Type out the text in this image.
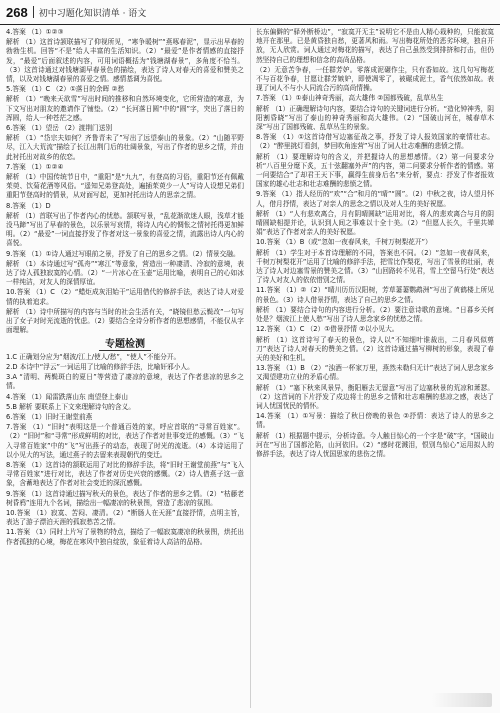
268 初中习题化知识清单 · 语文

4.答案 （1）①②③

解析 （1）这首诗颔联描写了仰视所见，“寒争暖树”“燕啄春泥”，显示出早春的勃勃生机。回答“不是”给人丰富的生活知识。（2）“最爱”是作者情感的直接抒发，“最爱”后面叙述的内容，可用词语概括为“钱塘湖春景”，多角度不恰当。（3）这首诗通过对钱塘湖早春景色的描绘，表达了诗人对春天的喜爱和赞美之情，以及对钱塘湖春景的喜爱之情。感情基调为喜悦。

5.答案 （1）C （2）①落日的余晖 ②愁

解析 （1）“晚来天欲雪”写出时间的推移和自然环境变化，它所营造的寒意，为下文写出对朋友的邀请作了铺垫。（2）“长河落日圆”中的“圆”字，突出了落日的浑圆，给人一种苍茫之感。

6.答案 （1）望岳 （2）渡荆门送别

解析 （1）“岱宗夫如何？齐鲁青未了”写出了远望泰山的景象。（2）“山随平野尽，江入大荒流”描绘了长江出荆门后的壮阔景象，写出了作者的思乡之情，并由此衬托出对故乡的依恋。

7.答案 （1）①②④

解析 （1）中国传统节日中，“重阳”是“九九”，有登高的习俗，重阳节还有佩戴茱萸、饮菊花酒等风俗。“遥知兄弟登高处，遍插茱萸少一人”写诗人设想兄弟们重阳节登高时的情景，从对面写起，更加衬托出诗人的思亲之情。

8.答案 （1）D

解析 （1）首联写出了作者内心的忧愁。颔联写景，“乱花渐欲迷人眼，浅草才能没马蹄”写出了早春的景色，以乐景写哀情，将诗人内心的惆怅之情衬托得更加鲜明。（2）“最爱”一词直接抒发了作者对这一景象的喜爱之情，流露出诗人内心的喜悦。

9.答案 （1）①诗人通过写眼前之景，抒发了自己的思乡之情。（2）情景交融。

解析 （1）本诗通过写“孤舟”“寒江”等意象，营造出一种凄清、冷寂的意境，表达了诗人孤独寂寞的心情。（2）“一片冰心在玉壶”运用比喻，表明自己的心如冰一样纯洁，对友人的深情厚谊。

10.答案 （1）C （2）“蜡炬成灰泪始干”运用借代的修辞手法，表达了诗人对爱情的执着追求。

解析 （1）诗中所描写的内容与当时的社会生活有关，“晓镜但愁云鬓改”一句写出了女子对时光流逝的忧虑。（2）要结合全诗分析作者的思想感情，不能仅从字面理解。

专题检测

1.C 正确划分应为“烟波/江上/使人/愁”，“使人”不能分开。

2.D 本诗中“浮云”一词运用了比喻的修辞手法，比喻奸邪小人。

3.A “清明、两鬓斑白的夏日”等营造了凄凉的意境，表达了作者悲凉的思乡之情。

4.答案 （1）闻雷跌落山东 南望登上泰山

5.B 解析 要联系上下文来理解诗句的含义。

6.答案 （1）旧时王谢堂前燕

7.答案 （1）“旧时”表明这是一个普通百姓的家，呼应首联的“寻常百姓家”。（2）“旧时”和“寻常”形成鲜明的对比，表达了作者对世事变迁的感慨。（3）“飞入寻常百姓家”中的“飞”写出燕子的动态，表现了时光的流逝。（4）本诗运用了以小见大的写法，通过燕子的去留来表现朝代的变迁。

8.答案 （1）这首诗的颔联运用了对比的修辞手法，将“旧时王谢堂前燕”与“飞入寻常百姓家”进行对比，表达了作者对历史兴衰的感慨。（2）诗人借燕子这一意象，含蓄地表达了作者对社会变迁的深沉感慨。

9.答案 （1）这首诗通过描写秋天的景色，表达了作者的思乡之情。（2）“枯藤老树昏鸦”连用九个名词，描绘出一幅凄凉的秋景图，营造了悲凉的氛围。

10.答案 （1）寂寞、苦闷、凄清。（2）“断肠人在天涯”直接抒情，点明主旨，表达了游子漂泊天涯的孤寂愁苦之情。

11.答案 （1）同时上片写了景物的特点，描绘了一幅寂寞凄凉的秋景图，烘托出作者孤独的心境，梅花在寒风中独自绽放，象征着诗人高洁的品格。

长东偏僻的“驿外断桥边”，“寂寞开无主”说明它不是由人精心栽种的，只能寂寞地开在那里。已是黄昏独自愁，更著风和雨。写出梅花所处的恶劣环境，独自开放，无人欣赏。词人通过对梅花的描写，表达了自己虽然受到排挤和打击，但仍然坚持自己的理想和信念的高尚品格。

（2）无意苦争春，一任群芳妒。零落成泥碾作尘，只有香如故。这几句写梅花不与百花争春，甘愿让群芳嫉妒，即使凋零了，被碾成泥土，香气依然如故。表现了词人不与小人同流合污的高尚情操。

7.答案 （1）①泰山神奇秀丽，高大雄伟 ②国都残破，乱草丛生

解析 （1）正确理解诗句内容，要结合诗句的关键词进行分析。“造化钟神秀，阴阳割昏晓”写出了泰山的神奇秀丽和高大雄伟。（2）“国破山河在，城春草木深”写出了国都残破、乱草丛生的景象。

8.答案 （1）①这首诗借写边塞征战之事，抒发了诗人报效国家的豪情壮志。（2）“醉里挑灯看剑，梦回吹角连营”写出了词人壮志难酬的悲愤之情。

解析 （1）要理解诗句的含义，并把握诗人的思想感情。（2）第一问要求分析“八百里分麾下炙，五十弦翻塞外声”的内容，第二问要求分析作者的情感。第一问要结合“了却君王天下事，赢得生前身后名”来分析，要点：抒发了作者报效国家的雄心壮志和壮志难酬的悲愤之情。

9.答案 （1）指人经历的“欢”“合”和月的“晴”“圆”。（2）中秋之夜，诗人望月怀人，借月抒情，表达了对亲人的思念之情以及对人生的美好祝愿。

解析 （1）“人有悲欢离合，月有阴晴圆缺”运用对比，将人的悲欢离合与月的阴晴圆缺相提并论，认识到人间之事难以十全十美。（2）“但愿人长久，千里共婵娟”表达了作者对亲人的美好祝愿。

10.答案 （1）B（或“忽如一夜春风来，千树万树梨花开”）

解析 （1）学生对于本首诗理解的不同，答案也不同。（2）“忽如一夜春风来，千树万树梨花开”运用了比喻的修辞手法，把雪比作梨花，写出了雪景的壮丽，表达了诗人对边塞雪景的赞美之情。（3）“山回路转不见君，雪上空留马行处”表达了诗人对友人的依依惜别之情。

11.答案 （1）②（2）“晴川历历汉阳树，芳草萋萋鹦鹉洲”写出了黄鹤楼上所见的景色。（3）诗人借景抒情，表达了自己的思乡之情。

解析 （1）要结合诗句的内容进行分析。（2）要注意诗歌的意境。“日暮乡关何处是？烟波江上使人愁”写出了诗人思念家乡的忧愁之情。

12.答案 （1）C （2）①借景抒情 ②以小见大。

解析 （1）这首诗写了春天的景色，诗人以“不知细叶谁裁出，二月春风似剪刀”表达了诗人对春天的赞美之情。（2）这首诗通过描写柳树的形象，表现了春天的美好和生机。

13.答案 （1）B （2）“浊酒一杯家万里，燕然未勒归无计”表达了词人思念家乡又渴望建功立业的矛盾心情。

解析 （1）“塞下秋来风景异，衡阳雁去无留意”写出了边塞秋景的荒凉和萧瑟。（2）这首词的下片抒发了戍边将士的思乡之情和壮志难酬的悲凉之感，表达了词人忧国忧民的情怀。

14.答案 （1）①写景：描绘了秋日傍晚的景色 ②抒情：表达了诗人的思乡之情。

解析 （1）根据题中提示，分析诗意。今人触目惊心的一个字是“破”字，“国破山河在”写出了国都沦陷，山河依旧。（2）“感时花溅泪，恨别鸟惊心”运用拟人的修辞手法，表达了诗人忧国思家的悲伤之情。
